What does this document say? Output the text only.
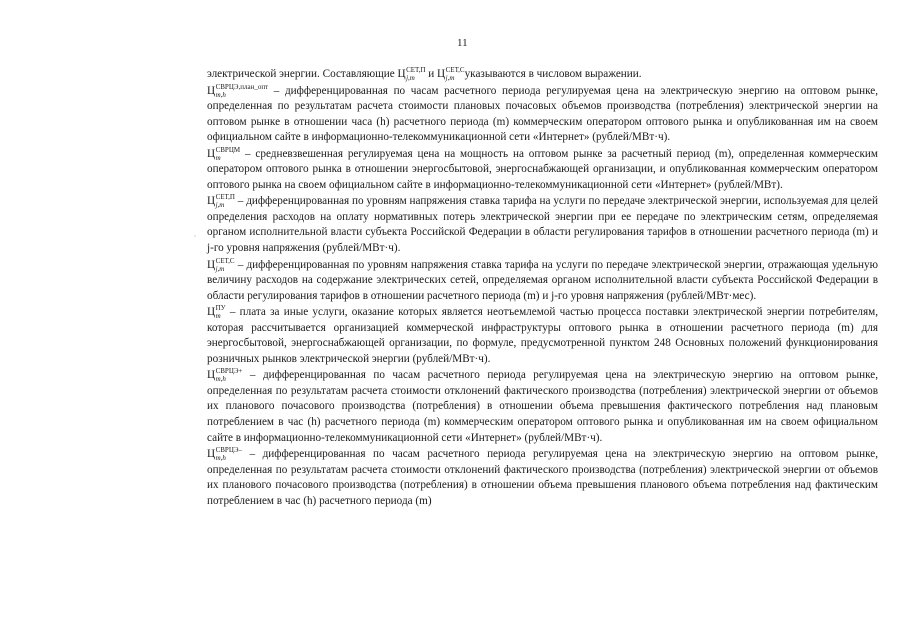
11
,

электрической энергии. Составляющие Ц СЕТ,П
j,m	и Ц СЕТ,С
j,m указываются в числовом выражении.

Ц СВРЦЭ,план_опт
m,h	– дифференцированная по часам расчетного периода регулируемая цена на электрическую энергию на оптовом рынке, определенная по результатам расчета стоимости плановых почасовых объемов производства (потребления) электрической энергии на оптовом рынке в отношении часа (h) расчетного периода (m) коммерческим оператором оптового рынка и опубликованная им на своем официальном сайте в информационно-телекоммуникационной сети «Интернет» (рублей/МВт·ч).

Ц СВРЦМ
m	– средневзвешенная регулируемая цена на мощность на оптовом рынке за расчетный период (m), определенная коммерческим оператором оптового рынка в отношении энергосбытовой, энергоснабжающей организации, и опубликованная коммерческим оператором оптового рынка на своем официальном сайте в информационно-телекоммуникационной сети «Интернет» (рублей/МВт).

Ц СЕТ,П
j,m – дифференцированная по уровням напряжения ставка тарифа на услуги по передаче электрической энергии, используемая для целей определения расходов на оплату нормативных потерь электрической энергии при ее передаче по электрическим сетям, определяемая органом исполнительной власти субъекта Российской Федерации в области регулирования тарифов в отношении расчетного периода (m) и j-го уровня напряжения (рублей/МВт·ч).

Ц СЕТ,С
j,m – дифференцированная по уровням напряжения ставка тарифа на услуги по передаче электрической энергии, отражающая удельную величину расходов на содержание электрических сетей, определяемая органом исполнительной власти субъекта Российской Федерации в области регулирования тарифов в отношении расчетного периода (m) и j-го уровня напряжения (рублей/МВт·мес).

Ц ПУ
m – плата за иные услуги, оказание которых является неотъемлемой частью процесса поставки электрической энергии потребителям, которая рассчитывается организацией коммерческой инфраструктуры оптового рынка в отношении расчетного периода (m) для энергосбытовой, энергоснабжающей организации, по формуле, предусмотренной пунктом 248 Основных положений функционирования розничных рынков электрической энергии (рублей/МВт·ч).

Ц СВРЦЭ+
m,h	– дифференцированная по часам расчетного периода регулируемая цена на электрическую энергию на оптовом рынке, определенная по результатам расчета стоимости отклонений фактического производства (потребления) электрической энергии от объемов их планового почасового производства (потребления) в отношении объема превышения фактического потребления над плановым потреблением в час (h) расчетного периода (m) коммерческим оператором оптового рынка и опубликованная им на своем официальном сайте в информационно-телекоммуникационной сети «Интернет» (рублей/МВт·ч).

Ц СВРЦЭ–
m,h	– дифференцированная по часам расчетного периода регулируемая цена на электрическую энергию на оптовом рынке, определенная по результатам расчета стоимости отклонений фактического производства (потребления) электрической энергии от объемов их планового почасового производства (потребления) в отношении объема превышения планового объема потребления над фактическим потреблением в час (h) расчетного периода (m)
